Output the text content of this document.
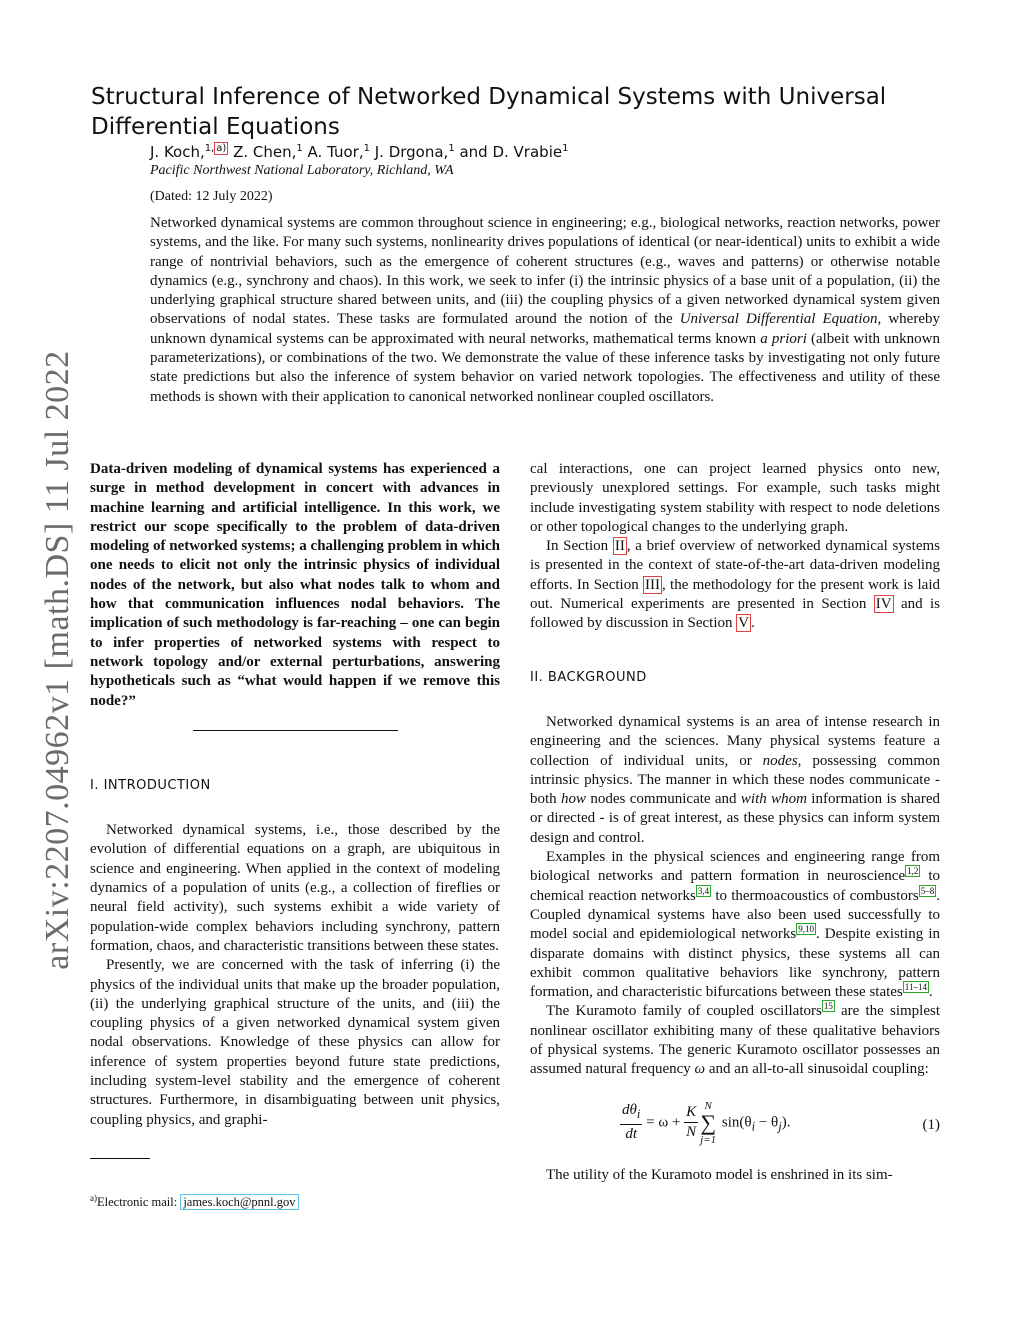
arXiv:2207.04962v1 [math.DS] 11 Jul 2022
Structural Inference of Networked Dynamical Systems with Universal Differential Equations
J. Koch,$^{1,}$ $^{a)}$ Z. Chen,$^1$ A. Tuor,$^1$ J. Drgona,$^1$ and D. Vrabie$^1$
Pacific Northwest National Laboratory, Richland, WA
(Dated: 12 July 2022)
Networked dynamical systems are common throughout science in engineering; e.g., biological networks, reaction networks, power systems, and the like. For many such systems, nonlinearity drives populations of identical (or near-identical) units to exhibit a wide range of nontrivial behaviors, such as the emergence of coherent structures (e.g., waves and patterns) or otherwise notable dynamics (e.g., synchrony and chaos). In this work, we seek to infer (i) the intrinsic physics of a base unit of a population, (ii) the underlying graphical structure shared between units, and (iii) the coupling physics of a given networked dynamical system given observations of nodal states. These tasks are formulated around the notion of the Universal Differential Equation, whereby unknown dynamical systems can be approximated with neural networks, mathematical terms known a priori (albeit with unknown parameterizations), or combinations of the two. We demonstrate the value of these inference tasks by investigating not only future state predictions but also the inference of system behavior on varied network topologies. The effectiveness and utility of these methods is shown with their application to canonical networked nonlinear coupled oscillators.

Data-driven modeling of dynamical systems has experienced a surge in method development in concert with advances in machine learning and artificial intelligence. In this work, we restrict our scope specifically to the problem of data-driven modeling of networked systems; a challenging problem in which one needs to elicit not only the intrinsic physics of individual nodes of the network, but also what nodes talk to whom and how that communication influences nodal behaviors. The implication of such methodology is far-reaching – one can begin to infer properties of networked systems with respect to network topology and/or external perturbations, answering hypotheticals such as “what would happen if we remove this node?”

I. INTRODUCTION

Networked dynamical systems, i.e., those described by the evolution of differential equations on a graph, are ubiquitous in science and engineering. When applied in the context of modeling dynamics of a population of units (e.g., a collection of fireflies or neural field activity), such systems exhibit a wide variety of population-wide complex behaviors including synchrony, pattern formation, chaos, and characteristic transitions between these states.

Presently, we are concerned with the task of inferring (i) the physics of the individual units that make up the broader population, (ii) the underlying graphical structure of the units, and (iii) the coupling physics of a given networked dynamical system given nodal observations. Knowledge of these physics can allow for inference of system properties beyond future state predictions, including system-level stability and the emergence of coherent structures. Furthermore, in disambiguating between unit physics, coupling physics, and graphi-

$^{a)}$Electronic mail: james.koch@pnnl.gov

cal interactions, one can project learned physics onto new, previously unexplored settings. For example, such tasks might include investigating system stability with respect to node deletions or other topological changes to the underlying graph.

In Section II , a brief overview of networked dynamical systems is presented in the context of state-of-the-art data-driven modeling efforts. In Section III , the methodology for the present work is laid out. Numerical experiments are presented in Section IV and is followed by discussion in Section V .

II. BACKGROUND

Networked dynamical systems is an area of intense research in engineering and the sciences. Many physical systems feature a collection of individual units, or nodes, possessing common intrinsic physics. The manner in which these nodes communicate - both how nodes communicate and with whom information is shared or directed - is of great interest, as these physics can inform system design and control.

Examples in the physical sciences and engineering range from biological networks and pattern formation in neuroscience $^{1,2}$ to chemical reaction networks $^{3,4}$ to thermoacoustics of combustors $^{5-8}$ . Coupled dynamical systems have also been used successfully to model social and epidemiological networks $^{9,10}$ . Despite existing in disparate domains with distinct physics, these systems all can exhibit common qualitative behaviors like synchrony, pattern formation, and characteristic bifurcations between these states $^{11-14}$ .

The Kuramoto family of coupled oscillators $^{15}$ are the simplest nonlinear oscillator exhibiting many of these qualitative behaviors of physical systems. The generic Kuramoto oscillator possesses an assumed natural frequency ω and an all-to-all sinusoidal coupling:

$\frac{d\theta_i}{dt} = \omega + \frac{K}{N}$ N
∑
j=1 $\sin(\theta_i - \theta_j)$.	(1)

The utility of the Kuramoto model is enshrined in its sim-
